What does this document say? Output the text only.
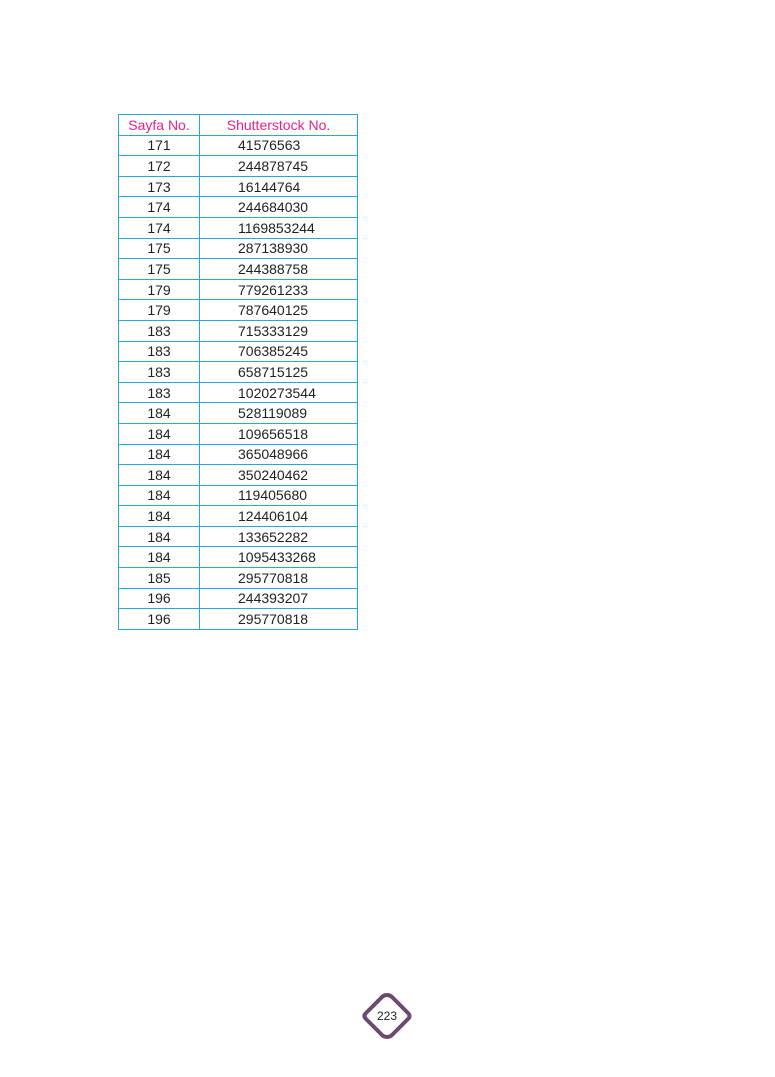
Sayfa No.	Shutterstock No.
171	41576563
172	244878745
173	16144764
174	244684030
174	1169853244
175	287138930
175	244388758
179	779261233
179	787640125
183	715333129
183	706385245
183	658715125
183	1020273544
184	528119089
184	109656518
184	365048966
184	350240462
184	119405680
184	124406104
184	133652282
184	1095433268
185	295770818
196	244393207
196	295770818
223
